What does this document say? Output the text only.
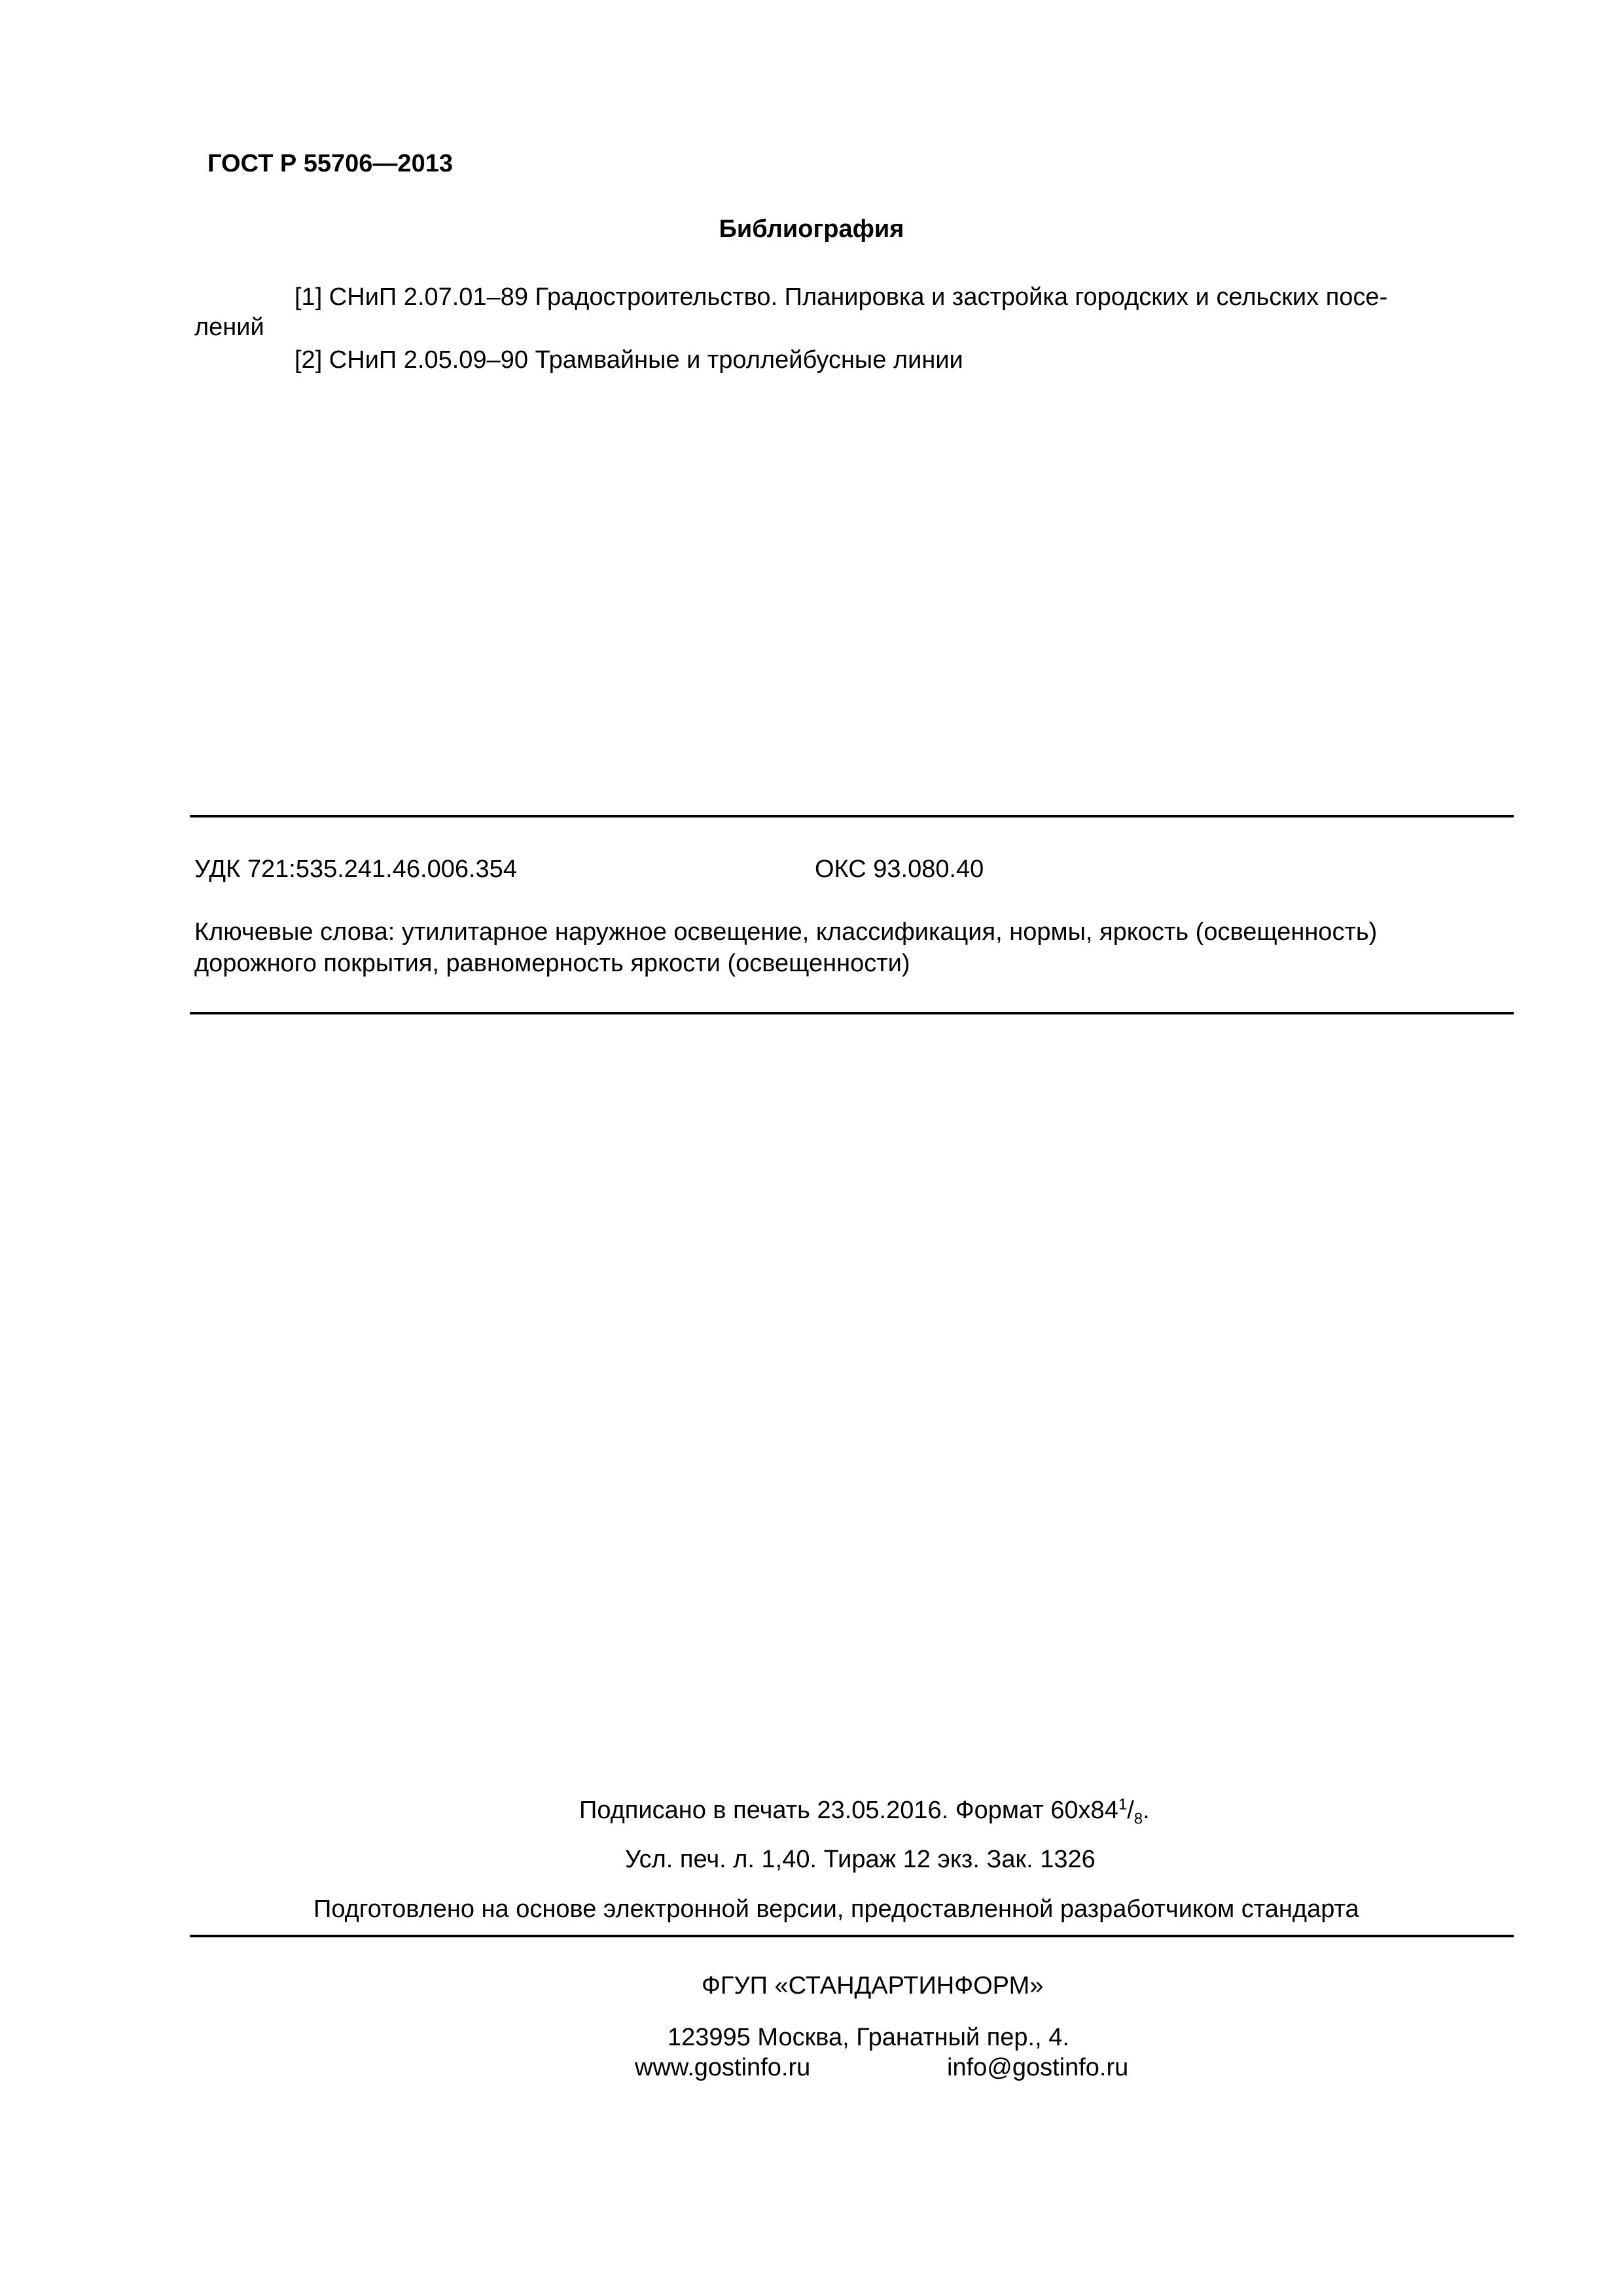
ГОСТ Р 55706—2013

Библиография

[1] СНиП 2.07.01–89 Градостроительство. Планировка и застройка городских и сельских посе-

лений

[2] СНиП 2.05.09–90 Трамвайные и троллейбусные линии

УДК 721:535.241.46.006.354	ОКС 93.080.40

Ключевые слова: утилитарное наружное освещение, классификация, нормы, яркость (освещенность)

дорожного покрытия, равномерность яркости (освещенности)

Подписано в печать 23.05.2016. Формат $60x84^1/_8$.

Усл. печ. л. 1,40. Тираж 12 экз. Зак. 1326

Подготовлено на основе электронной версии, предоставленной разработчиком стандарта

ФГУП «СТАНДАРТИНФОРМ»

123995 Москва, Гранатный пер., 4.

www.gostinfo.ru	info@gostinfo.ru
